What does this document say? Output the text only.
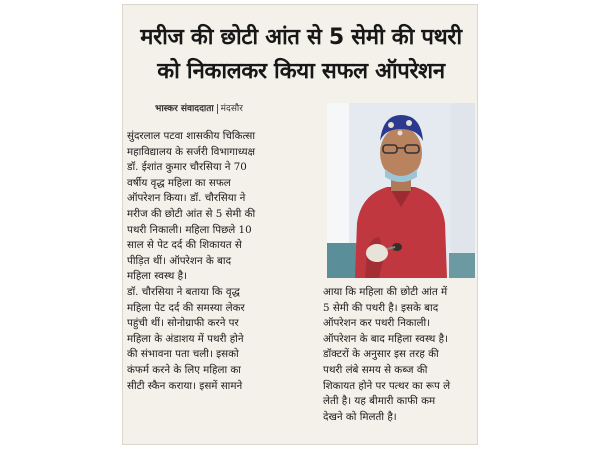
मरीज की छोटी आंत से 5 सेमी की पथरी
को निकालकर किया सफल ऑपरेशन
भास्कर संवाददाता मंदसौर
सुंदरलाल पटवा शासकीय चिकित्सा
महाविद्यालय के सर्जरी विभागाध्यक्ष
डॉ. ईशांत कुमार चौरसिया ने 70
वर्षीय वृद्ध महिला का सफल
ऑपरेशन किया। डॉ. चौरसिया ने
मरीज की छोटी आंत से 5 सेमी की
पथरी निकाली। महिला पिछले 10
साल से पेट दर्द की शिकायत से
पीड़ित थीं। ऑपरेशन के बाद
महिला स्वस्थ है।
डॉ. चौरसिया ने बताया कि वृद्ध
महिला पेट दर्द की समस्या लेकर
पहुंची थीं। सोनोग्राफी करने पर
महिला के अंडाशय में पथरी होने
की संभावना पता चली। इसको
कंफर्म करने के लिए महिला का
सीटी स्कैन कराया। इसमें सामने
आया कि महिला की छोटी आंत में
5 सेमी की पथरी है। इसके बाद
ऑपरेशन कर पथरी निकाली।
ऑपरेशन के बाद महिला स्वस्थ है।
डॉक्टरों के अनुसार इस तरह की
पथरी लंबे समय से कब्ज की
शिकायत होने पर पत्थर का रूप ले
लेती है। यह बीमारी काफी कम
देखने को मिलती है।
